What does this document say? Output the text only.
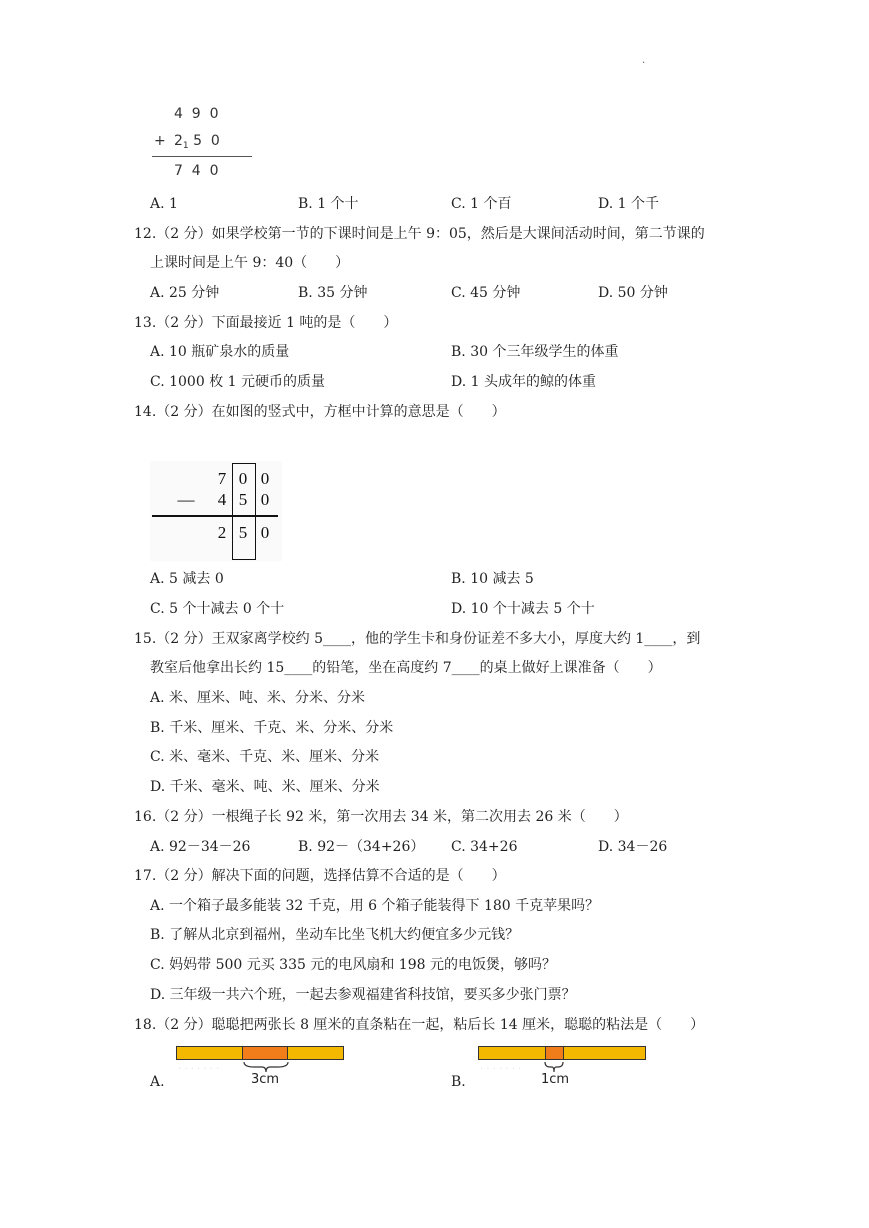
.
4  9  0
+ $2_1$ 5  0
7  4  0
A. 1	B. 1 个十	C. 1 个百	D. 1 个千
12.（2 分）如果学校第一节的下课时间是上午 9：05，然后是大课间活动时间，第二节课的
上课时间是上午 9：40（　　）
A. 25 分钟	B. 35 分钟	C. 45 分钟	D. 50 分钟
13.（2 分）下面最接近 1 吨的是（　　）
A. 10 瓶矿泉水的质量	B. 30 个三年级学生的体重
C. 1000 枚 1 元硬币的质量	D. 1 头成年的鲸的体重
14.（2 分）在如图的竖式中，方框中计算的意思是（　　）
7 0 0
—	4 5 0
2 5 0
A. 5 减去 0	B. 10 减去 5
C. 5 个十减去 0 个十	D. 10 个十减去 5 个十
15.（2 分）王双家离学校约 5____，他的学生卡和身份证差不多大小，厚度大约 1____，到
教室后他拿出长约 15____的铅笔，坐在高度约 7____的桌上做好上课准备（　　）
A. 米、厘米、吨、米、分米、分米
B. 千米、厘米、千克、米、分米、分米
C. 米、毫米、千克、米、厘米、分米
D. 千米、毫米、吨、米、厘米、分米
16.（2 分）一根绳子长 92 米，第一次用去 34 米，第二次用去 26 米（　　）
A. 92－34－26	B. 92－（34+26） C. 34+26	D. 34－26
17.（2 分）解决下面的问题，选择估算不合适的是（　　）
A. 一个箱子最多能装 32 千克，用 6 个箱子能装得下 180 千克苹果吗？
B. 了解从北京到福州，坐动车比坐飞机大约便宜多少元钱？
C. 妈妈带 500 元买 335 元的电风扇和 198 元的电饭煲，够吗？
D. 三年级一共六个班，一起去参观福建省科技馆，要买多少张门票？
18.（2 分）聪聪把两张长 8 厘米的直条粘在一起，粘后长 14 厘米，聪聪的粘法是（　　）
· · · · · · ·
3cm
A.
· · · · · · ·
1cm
B.
